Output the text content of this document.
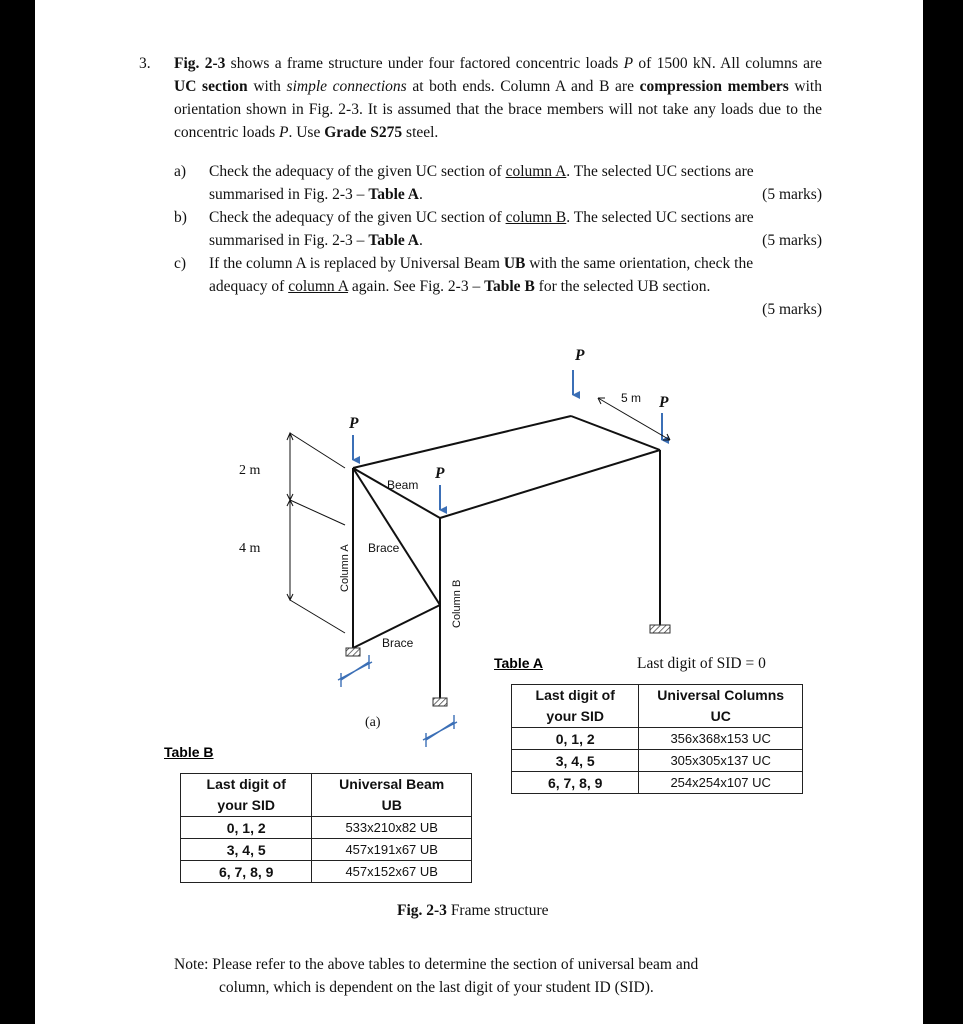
3. Fig. 2-3 shows a frame structure under four factored concentric loads P of 1500 kN. All columns are UC section with simple connections at both ends. Column A and B are compression members with orientation shown in Fig. 2-3. It is assumed that the brace members will not take any loads due to the concentric loads P. Use Grade S275 steel.
a) Check the adequacy of the given UC section of column A. The selected UC sections are
summarised in Fig. 2-3 – Table A.	(5 marks)
b) Check the adequacy of the given UC section of column B. The selected UC sections are
summarised in Fig. 2-3 – Table A.	(5 marks)
c) If the column A is replaced by Universal Beam UB with the same orientation, check the
adequacy of column A again. See Fig. 2-3 – Table B for the selected UB section.
(5 marks)
P
P
P
P
2 m
4 m
(a)
5 m
Beam
Brace
Brace
Column A
Column B
Table A	Last digit of SID = 0
Last digit of
your SID	Universal Columns
UC
0, 1, 2	356x368x153 UC
3, 4, 5	305x305x137 UC
6, 7, 8, 9	254x254x107 UC
Table B
Last digit of
your SID	Universal Beam
UB
0, 1, 2	533x210x82 UB
3, 4, 5	457x191x67 UB
6, 7, 8, 9	457x152x67 UB
Fig. 2-3 Frame structure
Note: Please refer to the above tables to determine the section of universal beam and
column, which is dependent on the last digit of your student ID (SID).
